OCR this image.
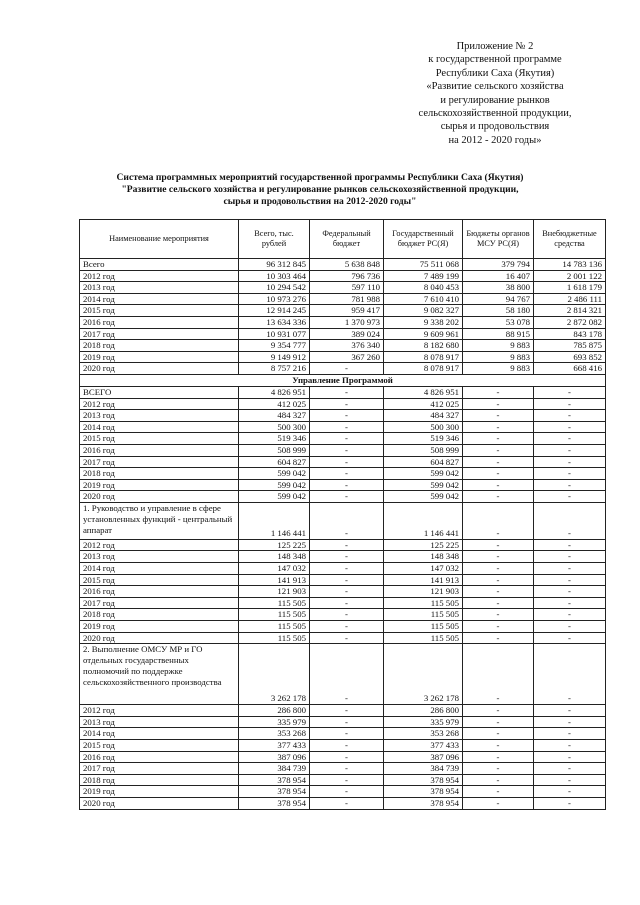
Приложение № 2
к государственной программе
Республики Саха (Якутия)
«Развитие сельского хозяйства
и регулирование рынков
сельскохозяйственной продукции,
сырья и продовольствия
на 2012 - 2020 годы»
Система программных мероприятий государственной программы Республики Саха (Якутия)
"Развитие сельского хозяйства и регулирование рынков сельскохозяйственной продукции,
сырья и продовольствия на 2012-2020 годы"
Наименование мероприятия	Всего, тыс. рублей	Федеральный бюджет	Государственный бюджет РС(Я)	Бюджеты органов МСУ РС(Я)	Внебюджетные средства
Всего	96 312 845	5 638 848	75 511 068	379 794	14 783 136
2012 год	10 303 464	796 736	7 489 199	16 407	2 001 122
2013 год	10 294 542	597 110	8 040 453	38 800	1 618 179
2014 год	10 973 276	781 988	7 610 410	94 767	2 486 111
2015 год	12 914 245	959 417	9 082 327	58 180	2 814 321
2016 год	13 634 336	1 370 973	9 338 202	53 078	2 872 082
2017 год	10 931 077	389 024	9 609 961	88 915	843 178
2018 год	9 354 777	376 340	8 182 680	9 883	785 875
2019 год	9 149 912	367 260	8 078 917	9 883	693 852
2020 год	8 757 216	-	8 078 917	9 883	668 416
Управление Программой					
ВСЕГО	4 826 951	-	4 826 951	-	-
2012 год	412 025	-	412 025	-	-
2013 год	484 327	-	484 327	-	-
2014 год	500 300	-	500 300	-	-
2015 год	519 346	-	519 346	-	-
2016 год	508 999	-	508 999	-	-
2017 год	604 827	-	604 827	-	-
2018 год	599 042	-	599 042	-	-
2019 год	599 042	-	599 042	-	-
2020 год	599 042	-	599 042	-	-
1. Руководство и управление в сфере установленных функций - центральный аппарат	1 146 441	-	1 146 441	-	-
2012 год	125 225	-	125 225	-	-
2013 год	148 348	-	148 348	-	-
2014 год	147 032	-	147 032	-	-
2015 год	141 913	-	141 913	-	-
2016 год	121 903	-	121 903	-	-
2017 год	115 505	-	115 505	-	-
2018 год	115 505	-	115 505	-	-
2019 год	115 505	-	115 505	-	-
2020 год	115 505	-	115 505	-	-
2. Выполнение ОМСУ МР и ГО отдельных государственных полномочий по поддержке сельскохозяйственного производства	3 262 178	-	3 262 178	-	-
2012 год	286 800	-	286 800	-	-
2013 год	335 979	-	335 979	-	-
2014 год	353 268	-	353 268	-	-
2015 год	377 433	-	377 433	-	-
2016 год	387 096	-	387 096	-	-
2017 год	384 739	-	384 739	-	-
2018 год	378 954	-	378 954	-	-
2019 год	378 954	-	378 954	-	-
2020 год	378 954	-	378 954	-	-
